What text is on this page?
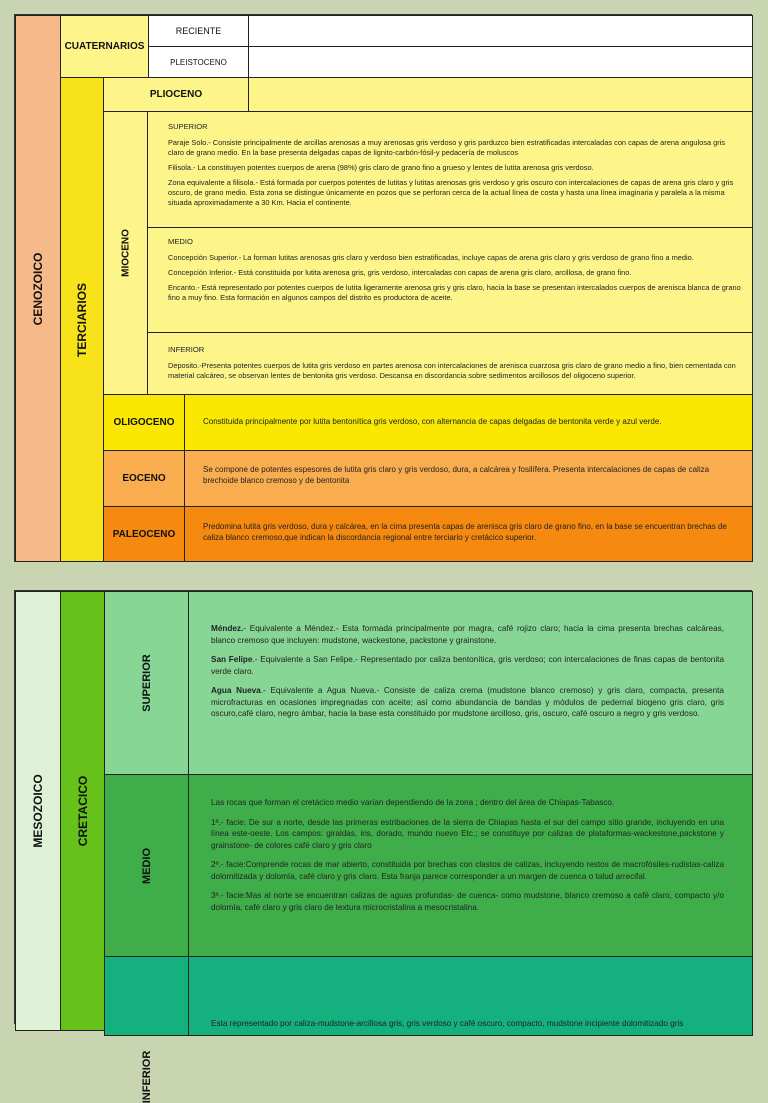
CENOZOICO
CUATERNARIOS
RECIENTE
PLEISTOCENO
TERCIARIOS
PLIOCENO
MIOCENO
SUPERIOR

Paraje Solo.- Consiste principalmente de arcillas arenosas a muy arenosas gris verdoso y gris parduzco bien estratificadas intercaladas con capas de arena angulosa gris claro de grano medio. En la base presenta delgadas capas de lignito-carbón-fósil-y pedacería de moluscos

Filisola.- La constituyen potentes cuerpos de arena (98%) gris claro de grano fino a grueso y lentes de lutita arenosa gris verdoso.

Zona equivalente a filisola.- Está formada por cuerpos potentes de lutitas y lutitas arenosas gris verdoso y gris oscuro con intercalaciones de capas de arena gris claro y gris oscuro, de grano medio. Esta zona se distingue únicamente en pozos que se perforan cerca de la actual línea de costa y hasta una línea imaginaria y paralela a la misma situada aproximadamente a 30 Km. Hacia el continente.

MEDIO

Concepción Superior.- La forman lutitas arenosas gris claro y verdoso bien estratificadas, incluye capas de arena gris claro y gris verdoso de grano fino a medio.

Concepción Inferior.- Está constituida por lutita arenosa gris, gris verdoso, intercaladas con capas de arena gris claro, arcillosa, de grano fino.

Encanto.- Está representado por potentes cuerpos de lutita ligeramente arenosa gris y gris claro, hacia la base se presentan intercalados cuerpos de arenisca blanca de grano fino a muy fino. Esta formación en algunos campos del distrito es productora de aceite.

INFERIOR

Deposito.-Presenta potentes cuerpos de lutita gris verdoso en partes arenosa con intercalaciones de arenisca cuarzosa gris claro de grano medio a fino, bien cementada con material calcáreo, se observan lentes de bentonita gris verdoso. Descansa en discordancia sobre sedimentos arcillosos del oligoceno superior.

OLIGOCENO	Constituida principalmente por lutita bentonítica gris verdoso, con alternancia de capas delgadas de bentonita verde y azul verde.
EOCENO
Se compone de potentes espesores de lutita gris claro y gris verdoso, dura, a calcárea y fosilífera. Presenta intercalaciones de capas de caliza brechoide blanco cremoso y de bentonita
PALEOCENO
Predomina lutita gris verdoso, dura y calcárea, en la cima presenta capas de arenisca gris claro de grano fino, en la base se encuentran brechas de caliza blanco cremoso,que indican la discordancia regional entre terciario y cretácico superior.
MESOZOICO	CRETACICO
SUPERIOR

Méndez.- Equivalente a Méndez.- Esta formada principalmente por magra, café rojizo claro; hacia la cima presenta brechas calcáreas, blanco cremoso que incluyen: mudstone, wackestone, packstone y grainstone.

San Felipe.- Equivalente a San Felipe.- Representado por caliza bentonítica, gris verdoso; con intercalaciones de finas capas de bentonita verde claro.

Agua Nueva.- Equivalente a Agua Nueva.- Consiste de caliza crema (mudstone blanco cremoso) y gris claro, compacta, presenta microfracturas en ocasiones impregnadas con aceite; así como abundancia de bandas y módulos de pedernal biogeno gris claro, gris oscuro,café claro, negro ámbar, hacia la base esta constituido por mudstone arcilloso, gris, oscuro, café oscuro a negro y gris verdoso.

MEDIO

Las rocas que forman el cretácico medio varían dependiendo de la zona ; dentro del área de Chiapas-Tabasco.

1ª.- facie: De sur a norte, desde las primeras estribaciones de la sierra de Chiapas hasta el sur del campo sitio grande, incluyendo en una línea este-oeste. Los campos: giraldas, iris, dorado, mundo nuevo Etc.; se constituye por calizas de plataformas-wackestone,packstone y grainstone- de colores café claro y gris claro

2ª.- facie:Comprende rocas de mar abierto, constituida por brechas con clastos de calizas, incluyendo restos de macrofósiles-rudistas-caliza dolomitizada y dolomía, café claro y gris claro. Esta franja parece corresponder a un margen de cuenca o talud arrecifal.

3ª.- facie:Mas al norte se encuentran calizas de aguas profundas- de cuenca- como mudstone, blanco cremoso a café claro, compacto y/o dolomía, café claro y gris claro de textura microcristalina a mesocristalina.

INFERIOR

Esta representado por caliza-mudstone-arcillosa gris, gris verdoso y café oscuro, compacto, mudstone incipiente dolomitizado gris
